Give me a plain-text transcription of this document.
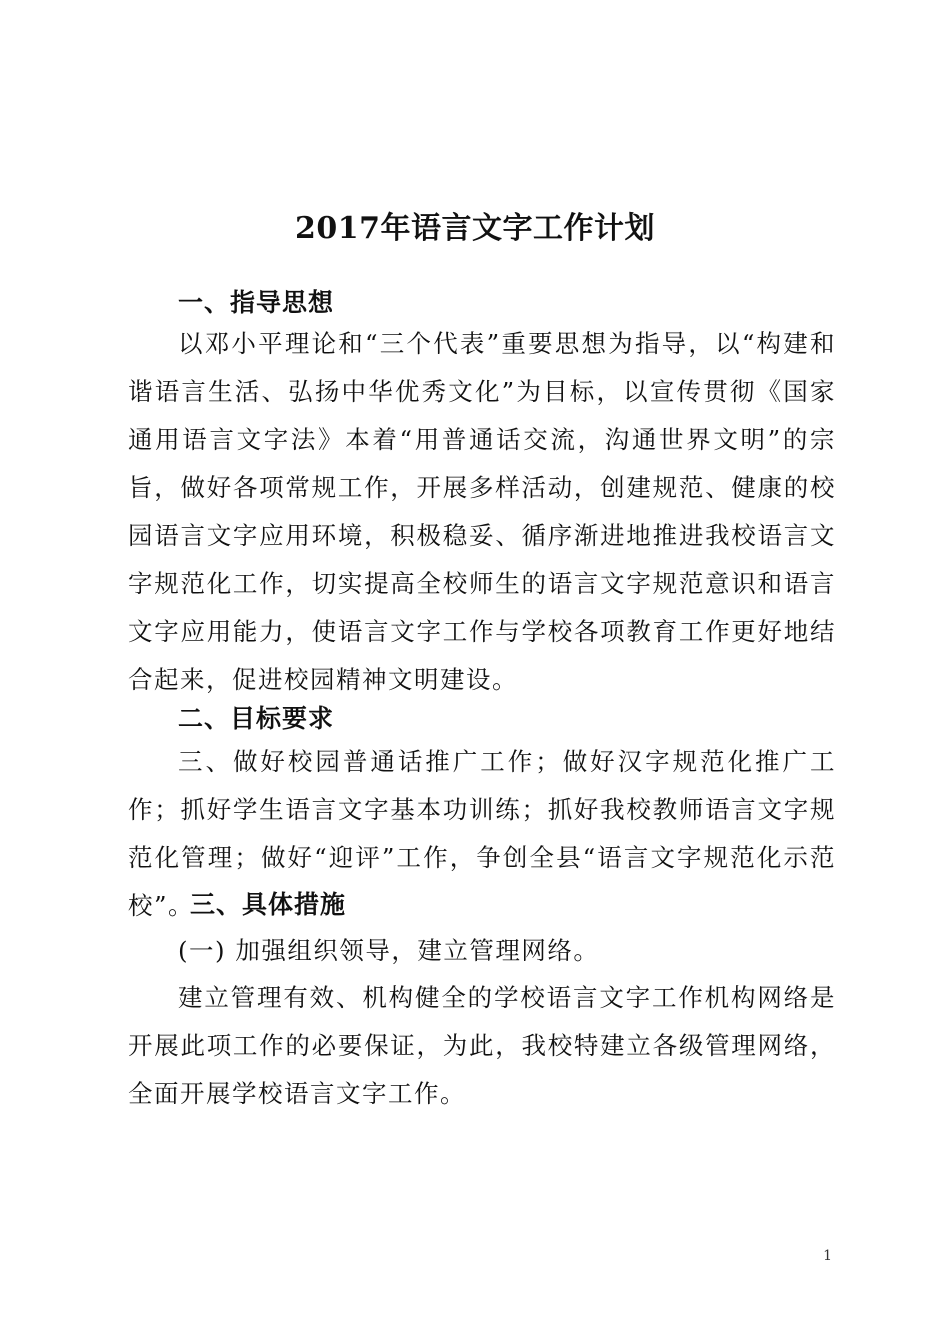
2017年语言文字工作计划
一、指导思想
以邓小平理论和“三个代表”重要思想为指导，以“构建和谐语言生活、弘扬中华优秀文化”为目标，以宣传贯彻《国家通用语言文字法》本着“用普通话交流，沟通世界文明”的宗旨，做好各项常规工作，开展多样活动，创建规范、健康的校园语言文字应用环境，积极稳妥、循序渐进地推进我校语言文字规范化工作，切实提高全校师生的语言文字规范意识和语言文字应用能力，使语言文字工作与学校各项教育工作更好地结合起来，促进校园精神文明建设。
二、目标要求
三、做好校园普通话推广工作；做好汉字规范化推广工作；抓好学生语言文字基本功训练；抓好我校教师语言文字规范化管理；做好“迎评”工作，争创全县“语言文字规范化示范校”。
三、具体措施
(一) 加强组织领导，建立管理网络。
建立管理有效、机构健全的学校语言文字工作机构网络是开展此项工作的必要保证，为此，我校特建立各级管理网络，全面开展学校语言文字工作。
1
